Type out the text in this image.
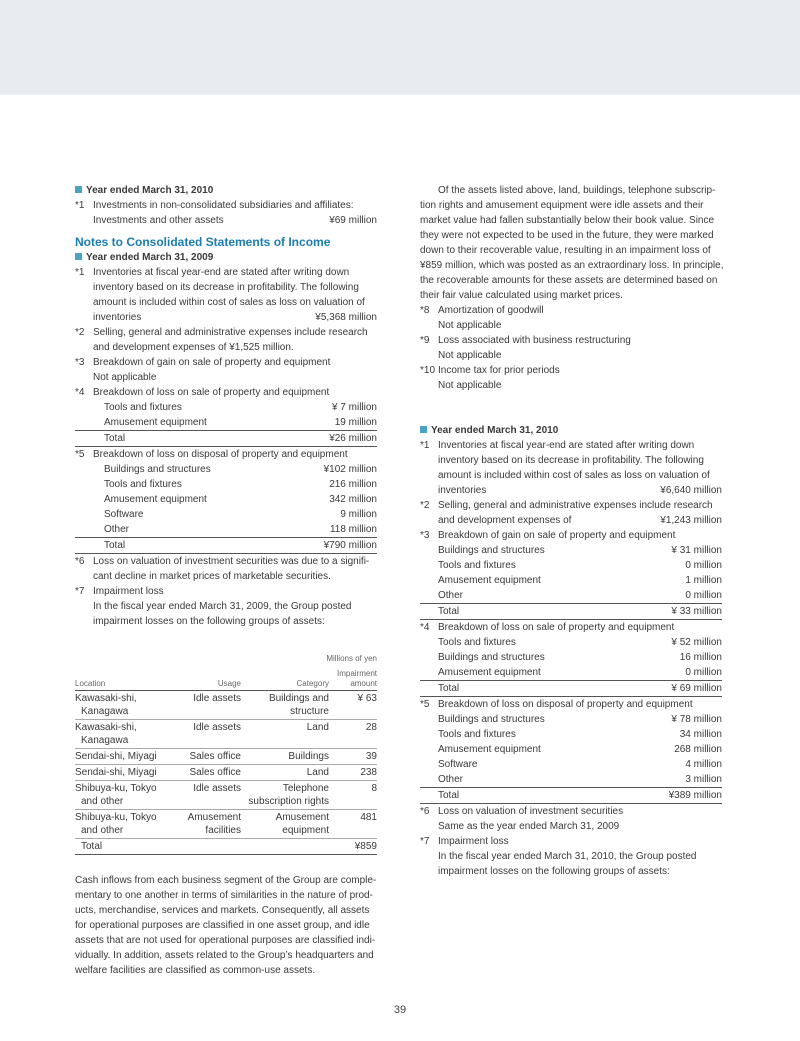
Year ended March 31, 2010
*1 Investments in non-consolidated subsidiaries and affiliates:
Investments and other assets	¥69 million
Notes to Consolidated Statements of Income
Year ended March 31, 2009
*1 Inventories at fiscal year-end are stated after writing down
inventory based on its decrease in profitability. The following
amount is included within cost of sales as loss on valuation of
inventories	¥5,368 million
*2 Selling, general and administrative expenses include research
and development expenses of ¥1,525 million.
*3 Breakdown of gain on sale of property and equipment
Not applicable
*4 Breakdown of loss on sale of property and equipment
Tools and fixtures	¥ 7 million
Amusement equipment	19 million
Total	¥26 million
*5 Breakdown of loss on disposal of property and equipment
Buildings and structures	¥102 million
Tools and fixtures	216 million
Amusement equipment	342 million
Software	9 million
Other	118 million
Total	¥790 million
*6 Loss on valuation of investment securities was due to a signifi-
cant decline in market prices of marketable securities.
*7 Impairment loss
In the fiscal year ended March 31, 2009, the Group posted
impairment losses on the following groups of assets:
Millions of yen			
Location	Usage	Category	Impairment
amount
Kawasaki-shi,
Kanagawa	Idle assets	Buildings and
structure	¥ 63
Kawasaki-shi,
Kanagawa	Idle assets	Land	28
Sendai-shi, Miyagi	Sales office	Buildings	39
Sendai-shi, Miyagi	Sales office	Land	238
Shibuya-ku, Tokyo
and other	Idle assets	Telephone
subscription rights	8
Shibuya-ku, Tokyo
and other	Amusement
facilities	Amusement
equipment	481
Total			¥859
Cash inflows from each business segment of the Group are comple-
mentary to one another in terms of similarities in the nature of prod-
ucts, merchandise, services and markets. Consequently, all assets
for operational purposes are classified in one asset group, and idle
assets that are not used for operational purposes are classified indi-
vidually. In addition, assets related to the Group’s headquarters and
welfare facilities are classified as common-use assets.
Of the assets listed above, land, buildings, telephone subscrip-
tion rights and amusement equipment were idle assets and their
market value had fallen substantially below their book value. Since
they were not expected to be used in the future, they were marked
down to their recoverable value, resulting in an impairment loss of
¥859 million, which was posted as an extraordinary loss. In principle,
the recoverable amounts for these assets are determined based on
their fair value calculated using market prices.
*8 Amortization of goodwill
Not applicable
*9 Loss associated with business restructuring
Not applicable
*10 Income tax for prior periods
Not applicable
Year ended March 31, 2010
*1 Inventories at fiscal year-end are stated after writing down
inventory based on its decrease in profitability. The following
amount is included within cost of sales as loss on valuation of
inventories	¥6,640 million
*2 Selling, general and administrative expenses include research
and development expenses of	¥1,243 million
*3 Breakdown of gain on sale of property and equipment
Buildings and structures	¥ 31 million
Tools and fixtures	0 million
Amusement equipment	1 million
Other	0 million
Total	¥ 33 million
*4 Breakdown of loss on sale of property and equipment
Tools and fixtures	¥ 52 million
Buildings and structures	16 million
Amusement equipment	0 million
Total	¥ 69 million
*5 Breakdown of loss on disposal of property and equipment
Buildings and structures	¥ 78 million
Tools and fixtures	34 million
Amusement equipment	268 million
Software	4 million
Other	3 million
Total	¥389 million
*6 Loss on valuation of investment securities
Same as the year ended March 31, 2009
*7 Impairment loss
In the fiscal year ended March 31, 2010, the Group posted
impairment losses on the following groups of assets:
39
